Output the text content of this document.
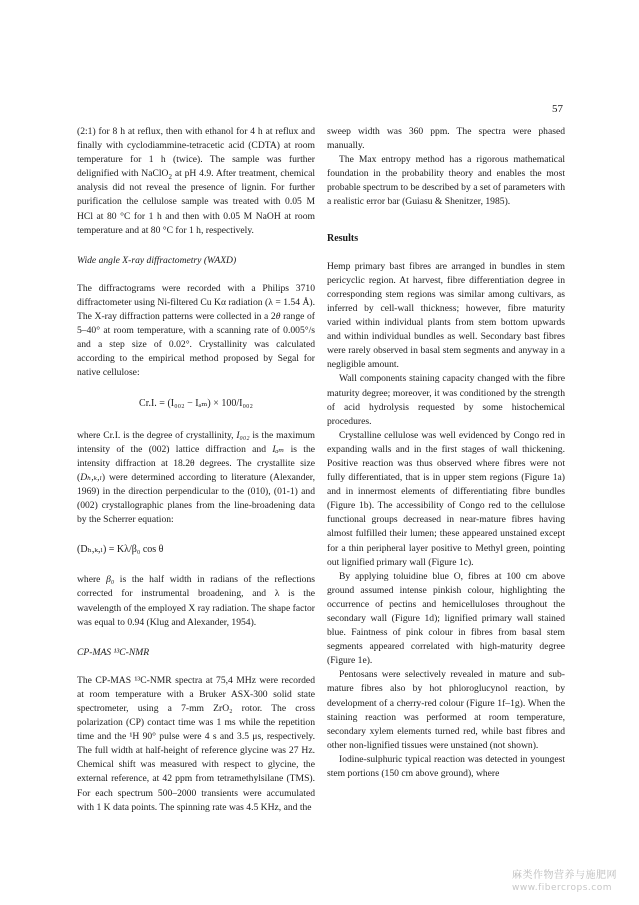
57

(2:1) for 8 h at reflux, then with ethanol for 4 h at reflux and finally with cyclodiammine-tetracetic acid (CDTA) at room temperature for 1 h (twice). The sample was further delignified with NaClO$_2$ at pH 4.9. After treatment, chemical analysis did not reveal the presence of lignin. For further purification the cellulose sample was treated with 0.05 M HCl at 80 °C for 1 h and then with 0.05 M NaOH at room temperature and at 80 °C for 1 h, respectively.

Wide angle X-ray diffractometry (WAXD)

The diffractograms were recorded with a Philips 3710 diffractometer using Ni-filtered Cu Kα radiation (λ = 1.54 Å). The X-ray diffraction patterns were collected in a 2θ range of 5–40° at room temperature, with a scanning rate of 0.005°/s and a step size of 0.02°. Crystallinity was calculated according to the empirical method proposed by Segal for native cellulose:

Cr.I. = (I₀₀₂ − Iₐₘ) × 100/I₀₀₂

where Cr.I. is the degree of crystallinity, I₀₀₂ is the maximum intensity of the (002) lattice diffraction and Iₐₘ is the intensity diffraction at 18.2θ degrees. The crystallite size (Dₕ,ₖ,ₗ) were determined according to literature (Alexander, 1969) in the direction perpendicular to the (010), (01-1) and (002) crystallographic planes from the line-broadening data by the Scherrer equation:

(Dₕ,ₖ,ₗ) = Kλ/β₀ cos θ

where β₀ is the half width in radians of the reflections corrected for instrumental broadening, and λ is the wavelength of the employed X ray radiation. The shape factor was equal to 0.94 (Klug and Alexander, 1954).

CP-MAS ¹³C-NMR

The CP-MAS ¹³C-NMR spectra at 75,4 MHz were recorded at room temperature with a Bruker ASX-300 solid state spectrometer, using a 7-mm ZrO₂ rotor. The cross polarization (CP) contact time was 1 ms while the repetition time and the ¹H 90° pulse were 4 s and 3.5 μs, respectively. The full width at half-height of reference glycine was 27 Hz. Chemical shift was measured with respect to glycine, the external reference, at 42 ppm from tetramethylsilane (TMS). For each spectrum 500–2000 transients were accumulated with 1 K data points. The spinning rate was 4.5 KHz, and the

sweep width was 360 ppm. The spectra were phased manually.

The Max entropy method has a rigorous mathematical foundation in the probability theory and enables the most probable spectrum to be described by a set of parameters with a realistic error bar (Guiasu & Shenitzer, 1985).

Results

Hemp primary bast fibres are arranged in bundles in stem pericyclic region. At harvest, fibre differentiation degree in corresponding stem regions was similar among cultivars, as inferred by cell-wall thickness; however, fibre maturity varied within individual plants from stem bottom upwards and within individual bundles as well. Secondary bast fibres were rarely observed in basal stem segments and anyway in a negligible amount.

Wall components staining capacity changed with the fibre maturity degree; moreover, it was conditioned by the strength of acid hydrolysis requested by some histochemical procedures.

Crystalline cellulose was well evidenced by Congo red in expanding walls and in the first stages of wall thickening. Positive reaction was thus observed where fibres were not fully differentiated, that is in upper stem regions (Figure 1a) and in innermost elements of differentiating fibre bundles (Figure 1b). The accessibility of Congo red to the cellulose functional groups decreased in near-mature fibres having almost fulfilled their lumen; these appeared unstained except for a thin peripheral layer positive to Methyl green, pointing out lignified primary wall (Figure 1c).

By applying toluidine blue O, fibres at 100 cm above ground assumed intense pinkish colour, highlighting the occurrence of pectins and hemicelluloses throughout the secondary wall (Figure 1d); lignified primary wall stained blue. Faintness of pink colour in fibres from basal stem segments appeared correlated with high-maturity degree (Figure 1e).

Pentosans were selectively revealed in mature and sub-mature fibres also by hot phloroglucynol reaction, by development of a cherry-red colour (Figure 1f–1g). When the staining reaction was performed at room temperature, secondary xylem elements turned red, while bast fibres and other non-lignified tissues were unstained (not shown).

Iodine-sulphuric typical reaction was detected in youngest stem portions (150 cm above ground), where

麻类作物营养与施肥网
www.fibercrops.com
